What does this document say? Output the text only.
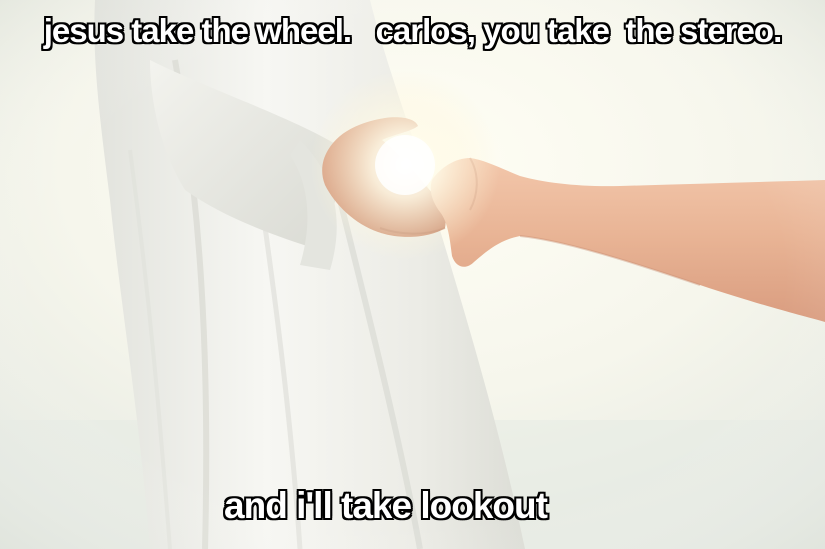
jesus take the wheel.   carlos, you take  the stereo.
and i'll take lookout
